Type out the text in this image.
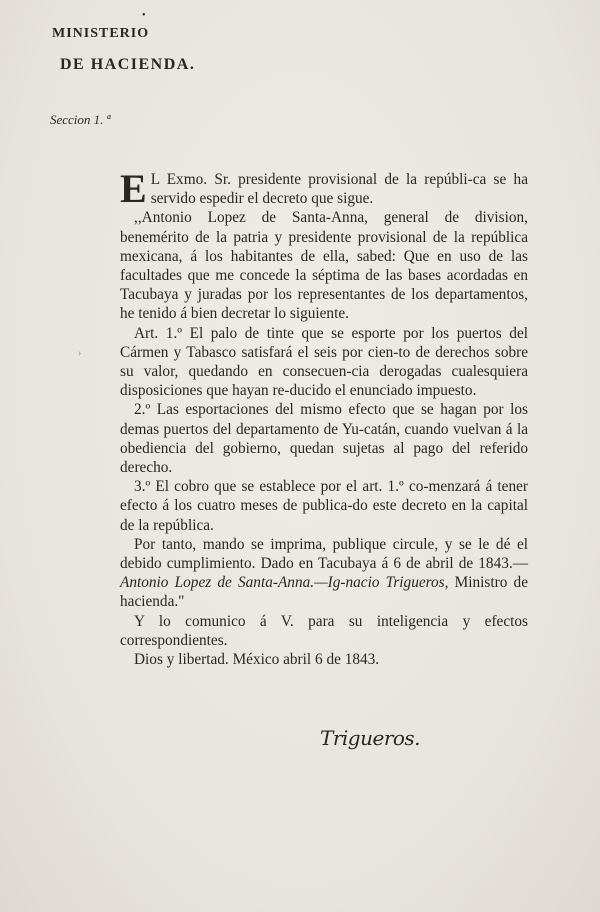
•
MINISTERIO
DE HACIENDA.
Seccion 1. ª
›

E L Exmo. Sr. presidente provisional de la repúbli-ca se ha servido espedir el decreto que sigue.

,,Antonio Lopez de Santa-Anna, general de division, benemérito de la patria y presidente provisional de la república mexicana, á los habitantes de ella, sabed: Que en uso de las facultades que me concede la séptima de las bases acordadas en Tacubaya y juradas por los representantes de los departamentos, he tenido á bien decretar lo siguiente.

Art. 1.º El palo de tinte que se esporte por los puertos del Cármen y Tabasco satisfará el seis por cien-to de derechos sobre su valor, quedando en consecuen-cia derogadas cualesquiera disposiciones que hayan re-ducido el enunciado impuesto.

2.º Las esportaciones del mismo efecto que se hagan por los demas puertos del departamento de Yu-catán, cuando vuelvan á la obediencia del gobierno, quedan sujetas al pago del referido derecho.

3.º El cobro que se establece por el art. 1.º co-menzará á tener efecto á los cuatro meses de publica-do este decreto en la capital de la república.

Por tanto, mando se imprima, publique circule, y se le dé el debido cumplimiento. Dado en Tacubaya á 6 de abril de 1843.—Antonio Lopez de Santa-Anna.—Ig-nacio Trigueros, Ministro de hacienda."

Y lo comunico á V. para su inteligencia y efectos correspondientes.

Dios y libertad. México abril 6 de 1843.

Trigueros.
